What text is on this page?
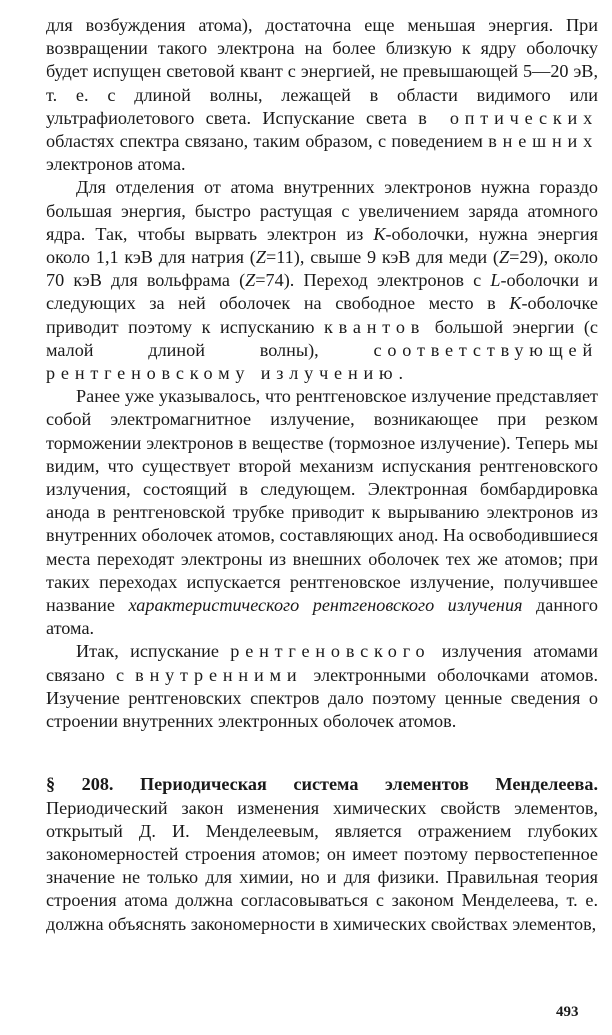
для возбуждения атома), достаточна еще меньшая энергия. При возвращении такого электрона на более близкую к ядру оболочку будет испущен световой квант с энергией, не превышающей 5—20 эВ, т. е. с длиной волны, лежащей в области видимого или ультрафиолетового света. Испускание света в оптических областях спектра связано, таким образом, с поведением внешних электронов атома.

Для отделения от атома внутренних электронов нужна гораздо большая энергия, быстро растущая с увеличением заряда атомного ядра. Так, чтобы вырвать электрон из K-оболочки, нужна энергия около 1,1 кэВ для натрия (Z=11), свыше 9 кэВ для меди (Z=29), около 70 кэВ для вольфрама (Z=74). Переход электронов с L-оболочки и следующих за ней оболочек на свободное место в K-оболочке приводит поэтому к испусканию квантов большой энергии (с малой длиной волны), соответствующей рентгеновскому излучению.

Ранее уже указывалось, что рентгеновское излучение представляет собой электромагнитное излучение, возникающее при резком торможении электронов в веществе (тормозное излучение). Теперь мы видим, что существует второй механизм испускания рентгеновского излучения, состоящий в следующем. Электронная бомбардировка анода в рентгеновской трубке приводит к вырыванию электронов из внутренних оболочек атомов, составляющих анод. На освободившиеся места переходят электроны из внешних оболочек тех же атомов; при таких переходах испускается рентгеновское излучение, получившее название характеристического рентгеновского излучения данного атома.

Итак, испускание рентгеновского излучения атомами связано с внутренними электронными оболочками атомов. Изучение рентгеновских спектров дало поэтому ценные сведения о строении внутренних электронных оболочек атомов.

§ 208. Периодическая система элементов Менделеева. Периодический закон изменения химических свойств элементов, открытый Д. И. Менделеевым, является отражением глубоких закономерностей строения атомов; он имеет поэтому первостепенное значение не только для химии, но и для физики. Правильная теория строения атома должна согласовываться с законом Менделеева, т. е. должна объяснять закономерности в химических свойствах элементов,

493
